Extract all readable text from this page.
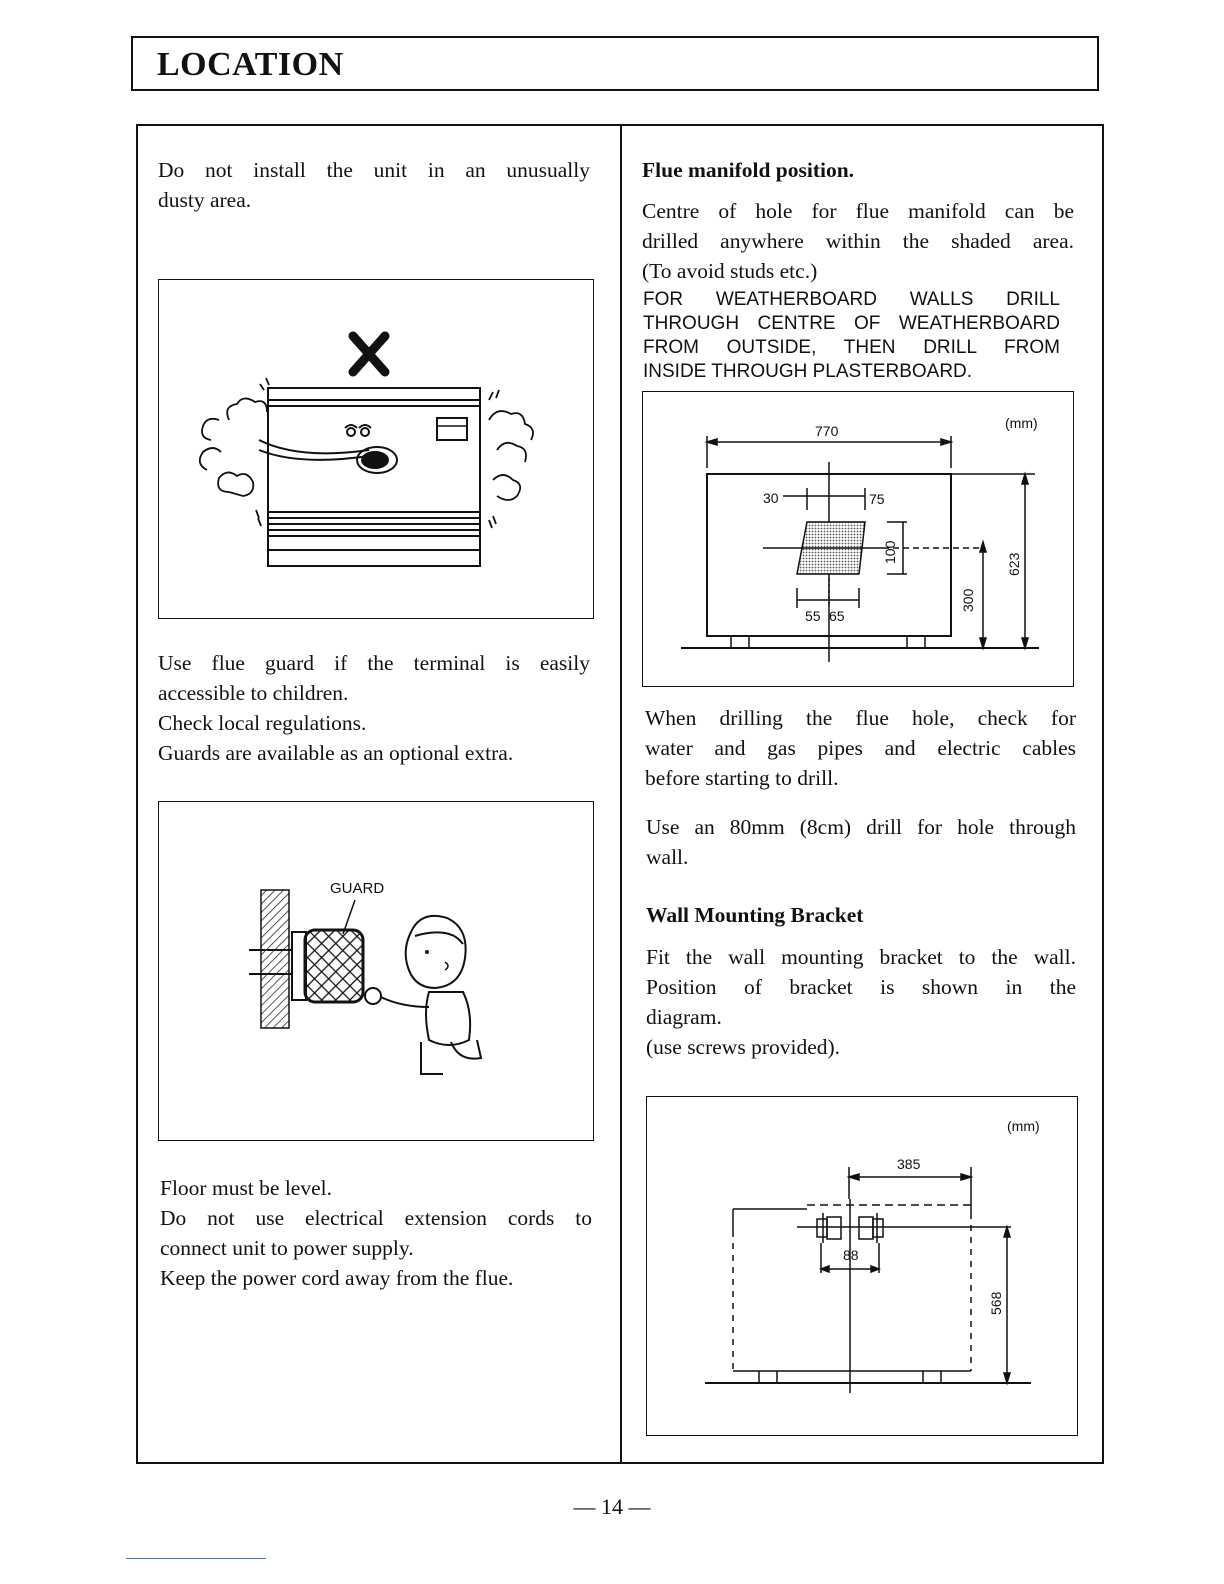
LOCATION
Do not install the unit in an unusually
dusty area.
Use flue guard if the terminal is easily
accessible to children.
Check local regulations.
Guards are available as an optional extra.
GUARD
Floor must be level.
Do not use electrical extension cords to
connect unit to power supply.
Keep the power cord away from the flue.
Flue manifold position.
Centre of hole for flue manifold can be
drilled anywhere within the shaded area.
(To avoid studs etc.)
FOR WEATHERBOARD WALLS DRILL
THROUGH CENTRE OF WEATHERBOARD
FROM OUTSIDE, THEN DRILL FROM
INSIDE THROUGH PLASTERBOARD.
(mm)
770
30	75
55 65
100
300
623
When drilling the flue hole, check for
water and gas pipes and electric cables
before starting to drill.
Use an 80mm (8cm) drill for hole through
wall.
Wall Mounting Bracket
Fit the wall mounting bracket to the wall.
Position of bracket is shown in the
diagram.
(use screws provided).
(mm)
385
88
568
— 14 —
